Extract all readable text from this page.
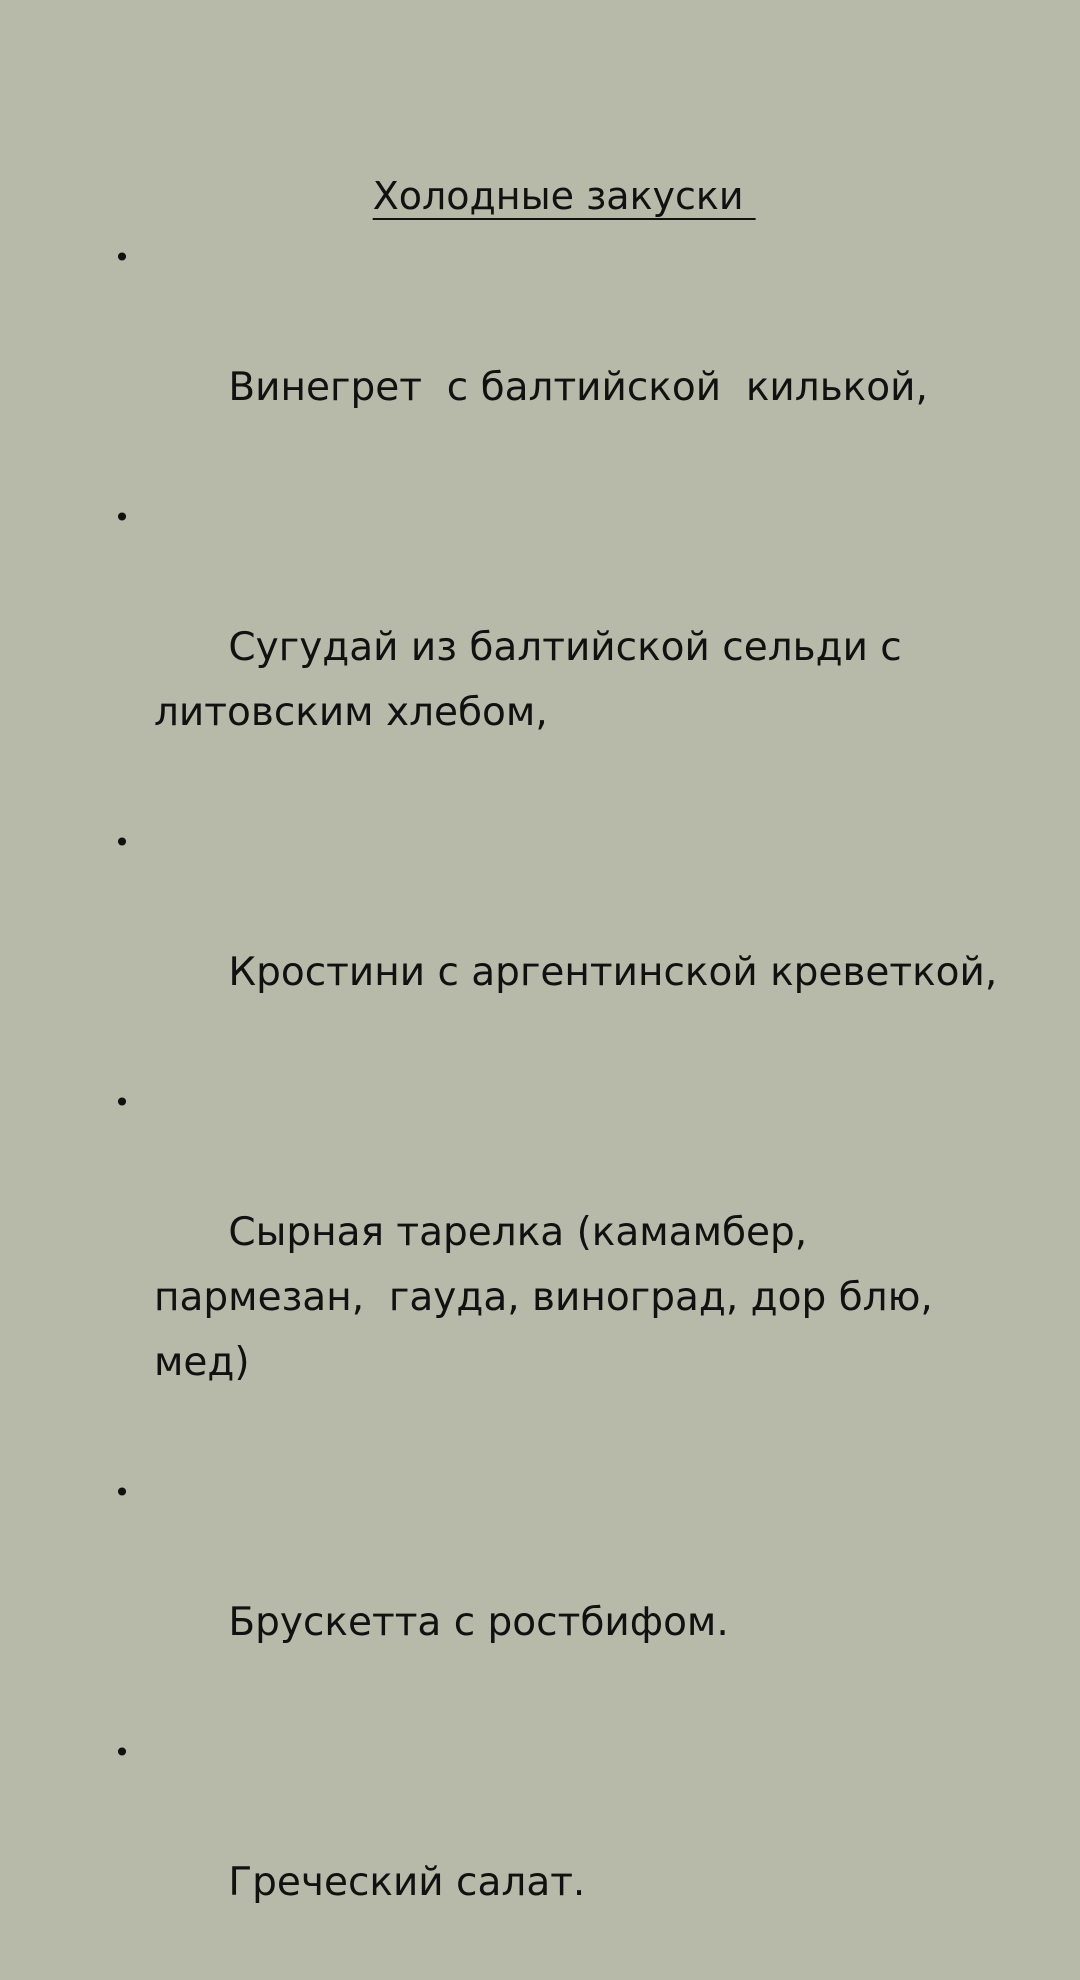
Холодные закуски

•

Винегрет  с балтийской  килькой,

•

Сугудай из балтийской сельди с литовским хлебом,

•

Кростини с аргентинской креветкой,

•

Сырная тарелка (камамбер, пармезан,  гауда, виноград, дор блю, мед)

•

Брускетта с ростбифом.

•

Греческий салат.
